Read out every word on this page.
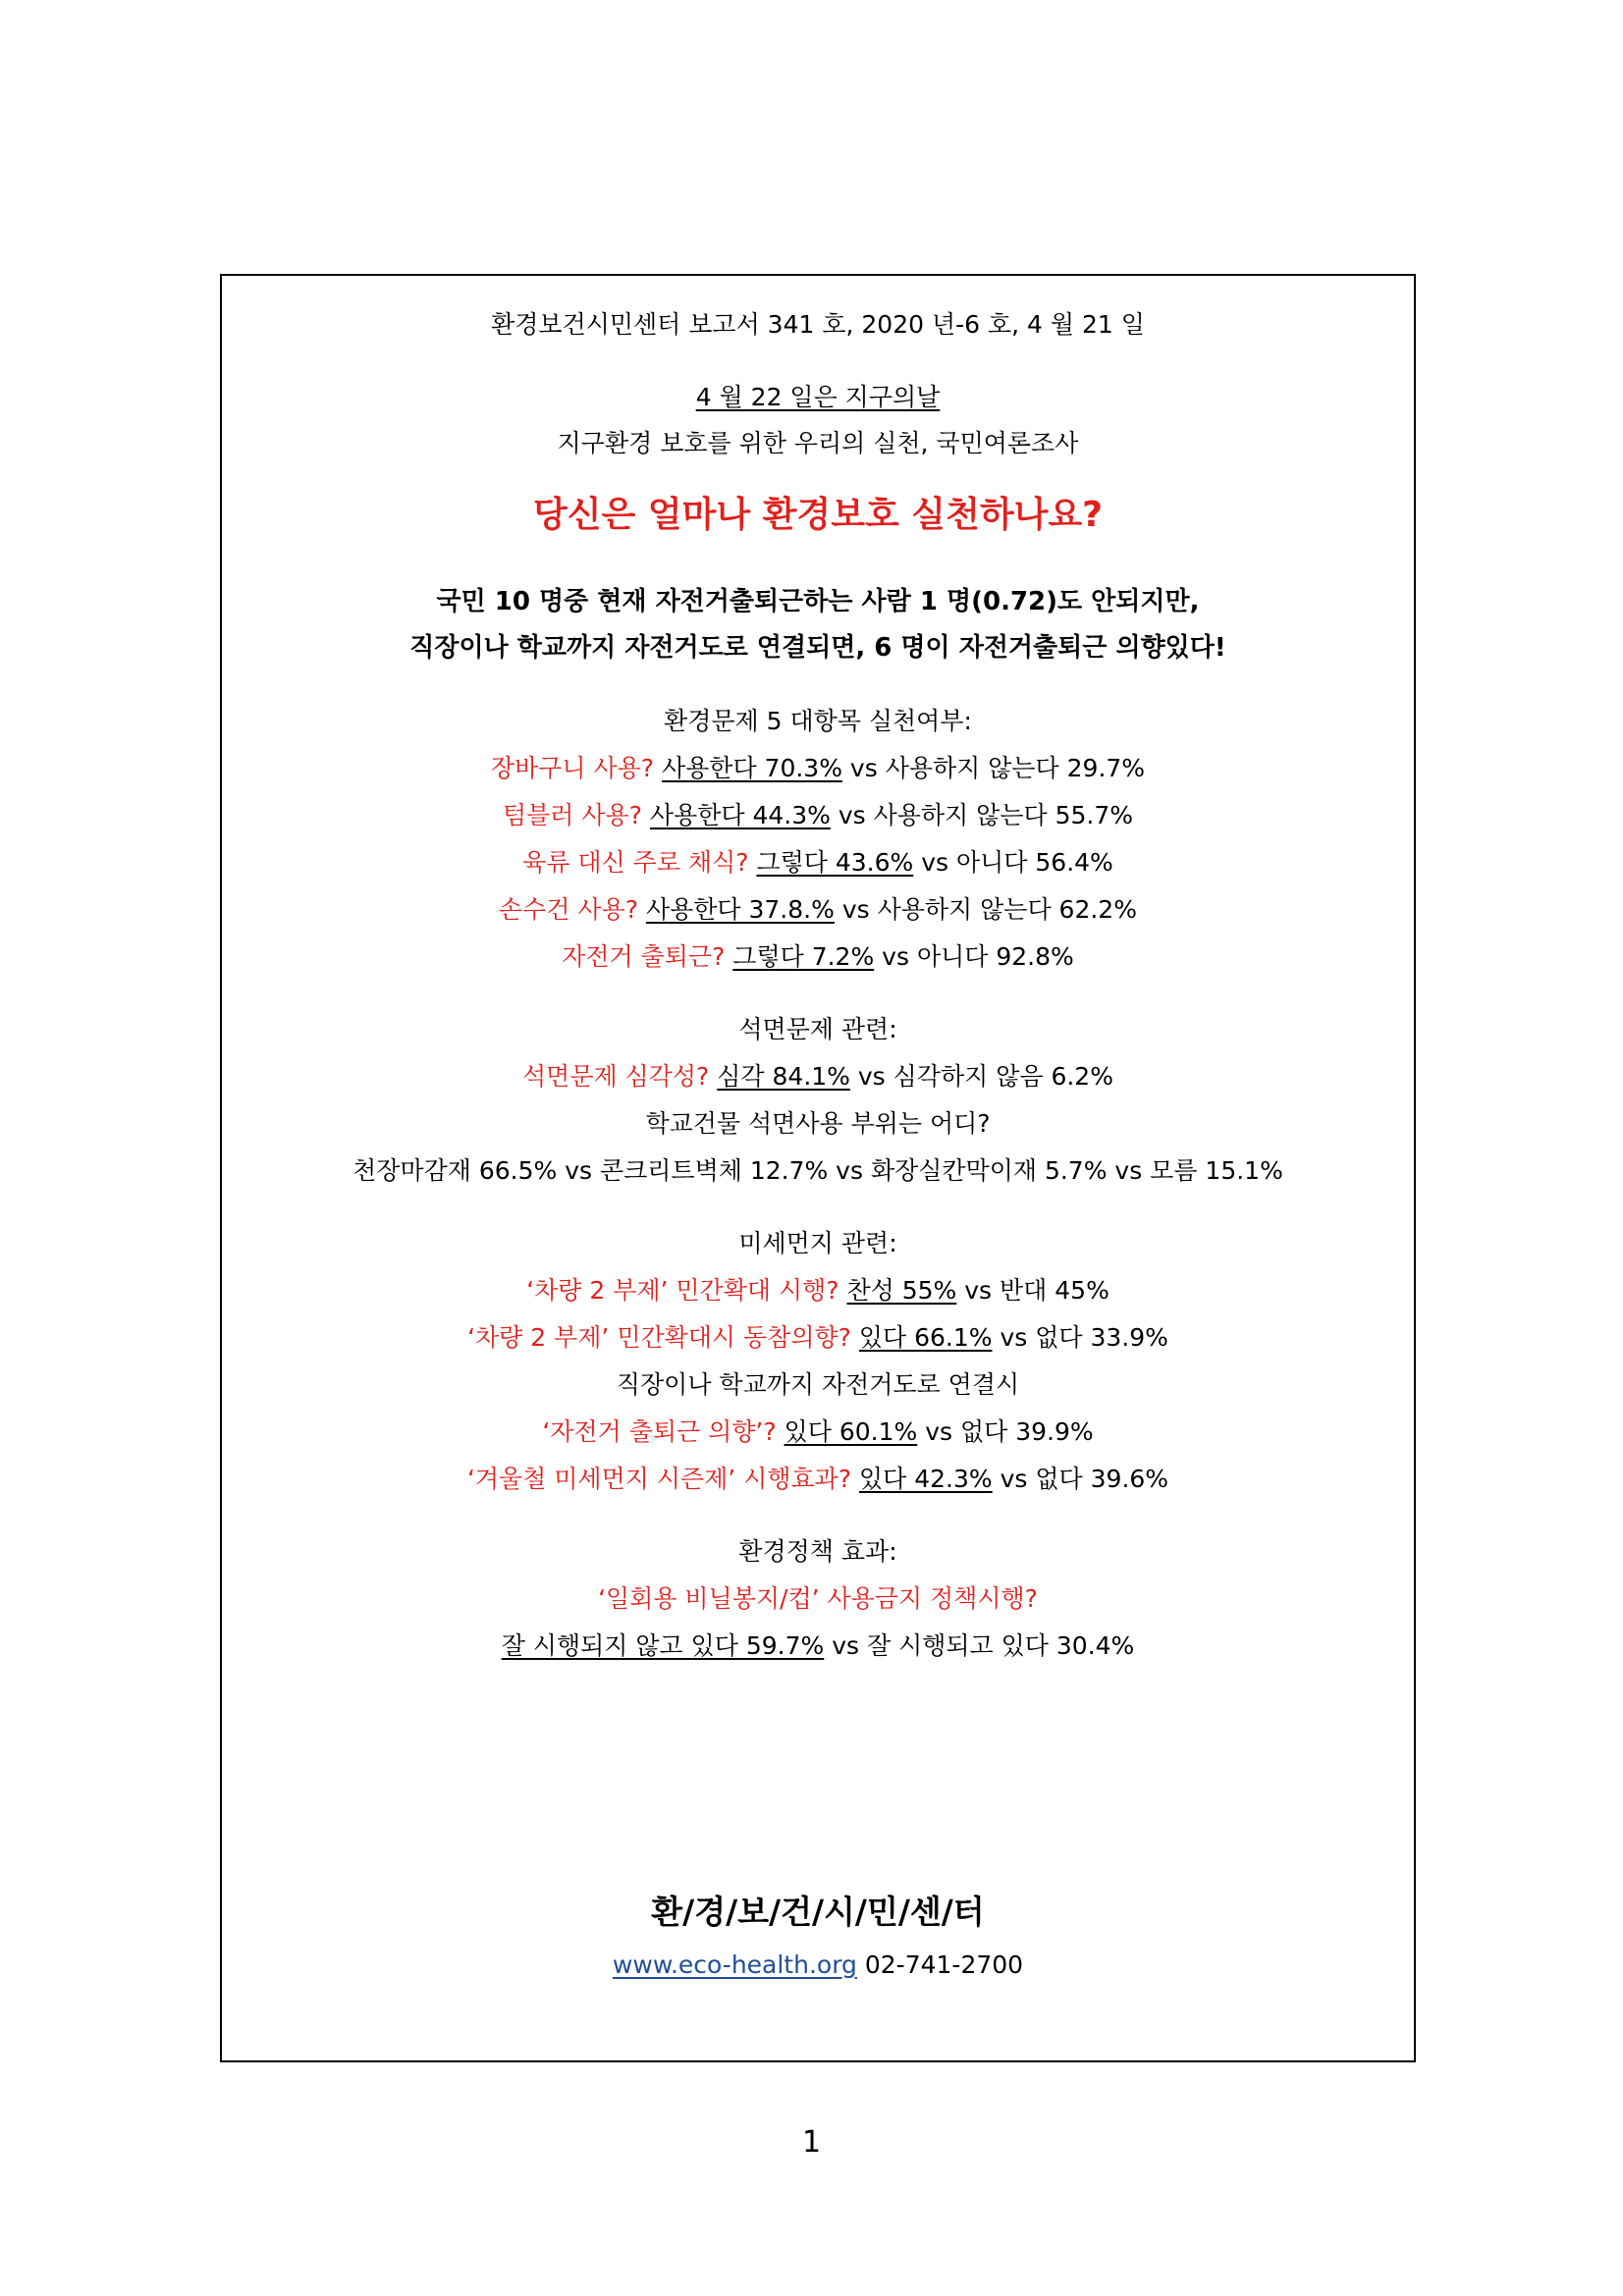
환경보건시민센터 보고서 341 호, 2020 년-6 호, 4 월 21 일
4 월 22 일은 지구의날
지구환경 보호를 위한 우리의 실천, 국민여론조사
당신은 얼마나 환경보호 실천하나요?
국민 10 명중 현재 자전거출퇴근하는 사람 1 명(0.72)도 안되지만,
직장이나 학교까지 자전거도로 연결되면, 6 명이 자전거출퇴근 의향있다!
환경문제 5 대항목 실천여부:
장바구니 사용? 사용한다 70.3% vs 사용하지 않는다 29.7%
텀블러 사용? 사용한다 44.3% vs 사용하지 않는다 55.7%
육류 대신 주로 채식? 그렇다 43.6% vs 아니다 56.4%
손수건 사용? 사용한다 37.8.% vs 사용하지 않는다 62.2%
자전거 출퇴근? 그렇다 7.2% vs 아니다 92.8%
석면문제 관련:
석면문제 심각성? 심각 84.1% vs 심각하지 않음 6.2%
학교건물 석면사용 부위는 어디?
천장마감재 66.5% vs 콘크리트벽체 12.7% vs 화장실칸막이재 5.7% vs 모름 15.1%
미세먼지 관련:
‘차량 2 부제’ 민간확대 시행? 찬성 55% vs 반대 45%
‘차량 2 부제’ 민간확대시 동참의향? 있다 66.1% vs 없다 33.9%
직장이나 학교까지 자전거도로 연결시
‘자전거 출퇴근 의향’? 있다 60.1% vs 없다 39.9%
‘겨울철 미세먼지 시즌제’ 시행효과? 있다 42.3% vs 없다 39.6%
환경정책 효과:
‘일회용 비닐봉지/컵’ 사용금지 정책시행?
잘 시행되지 않고 있다 59.7% vs 잘 시행되고 있다 30.4%
환/경/보/건/시/민/센/터
www.eco-health.org 02-741-2700
1
